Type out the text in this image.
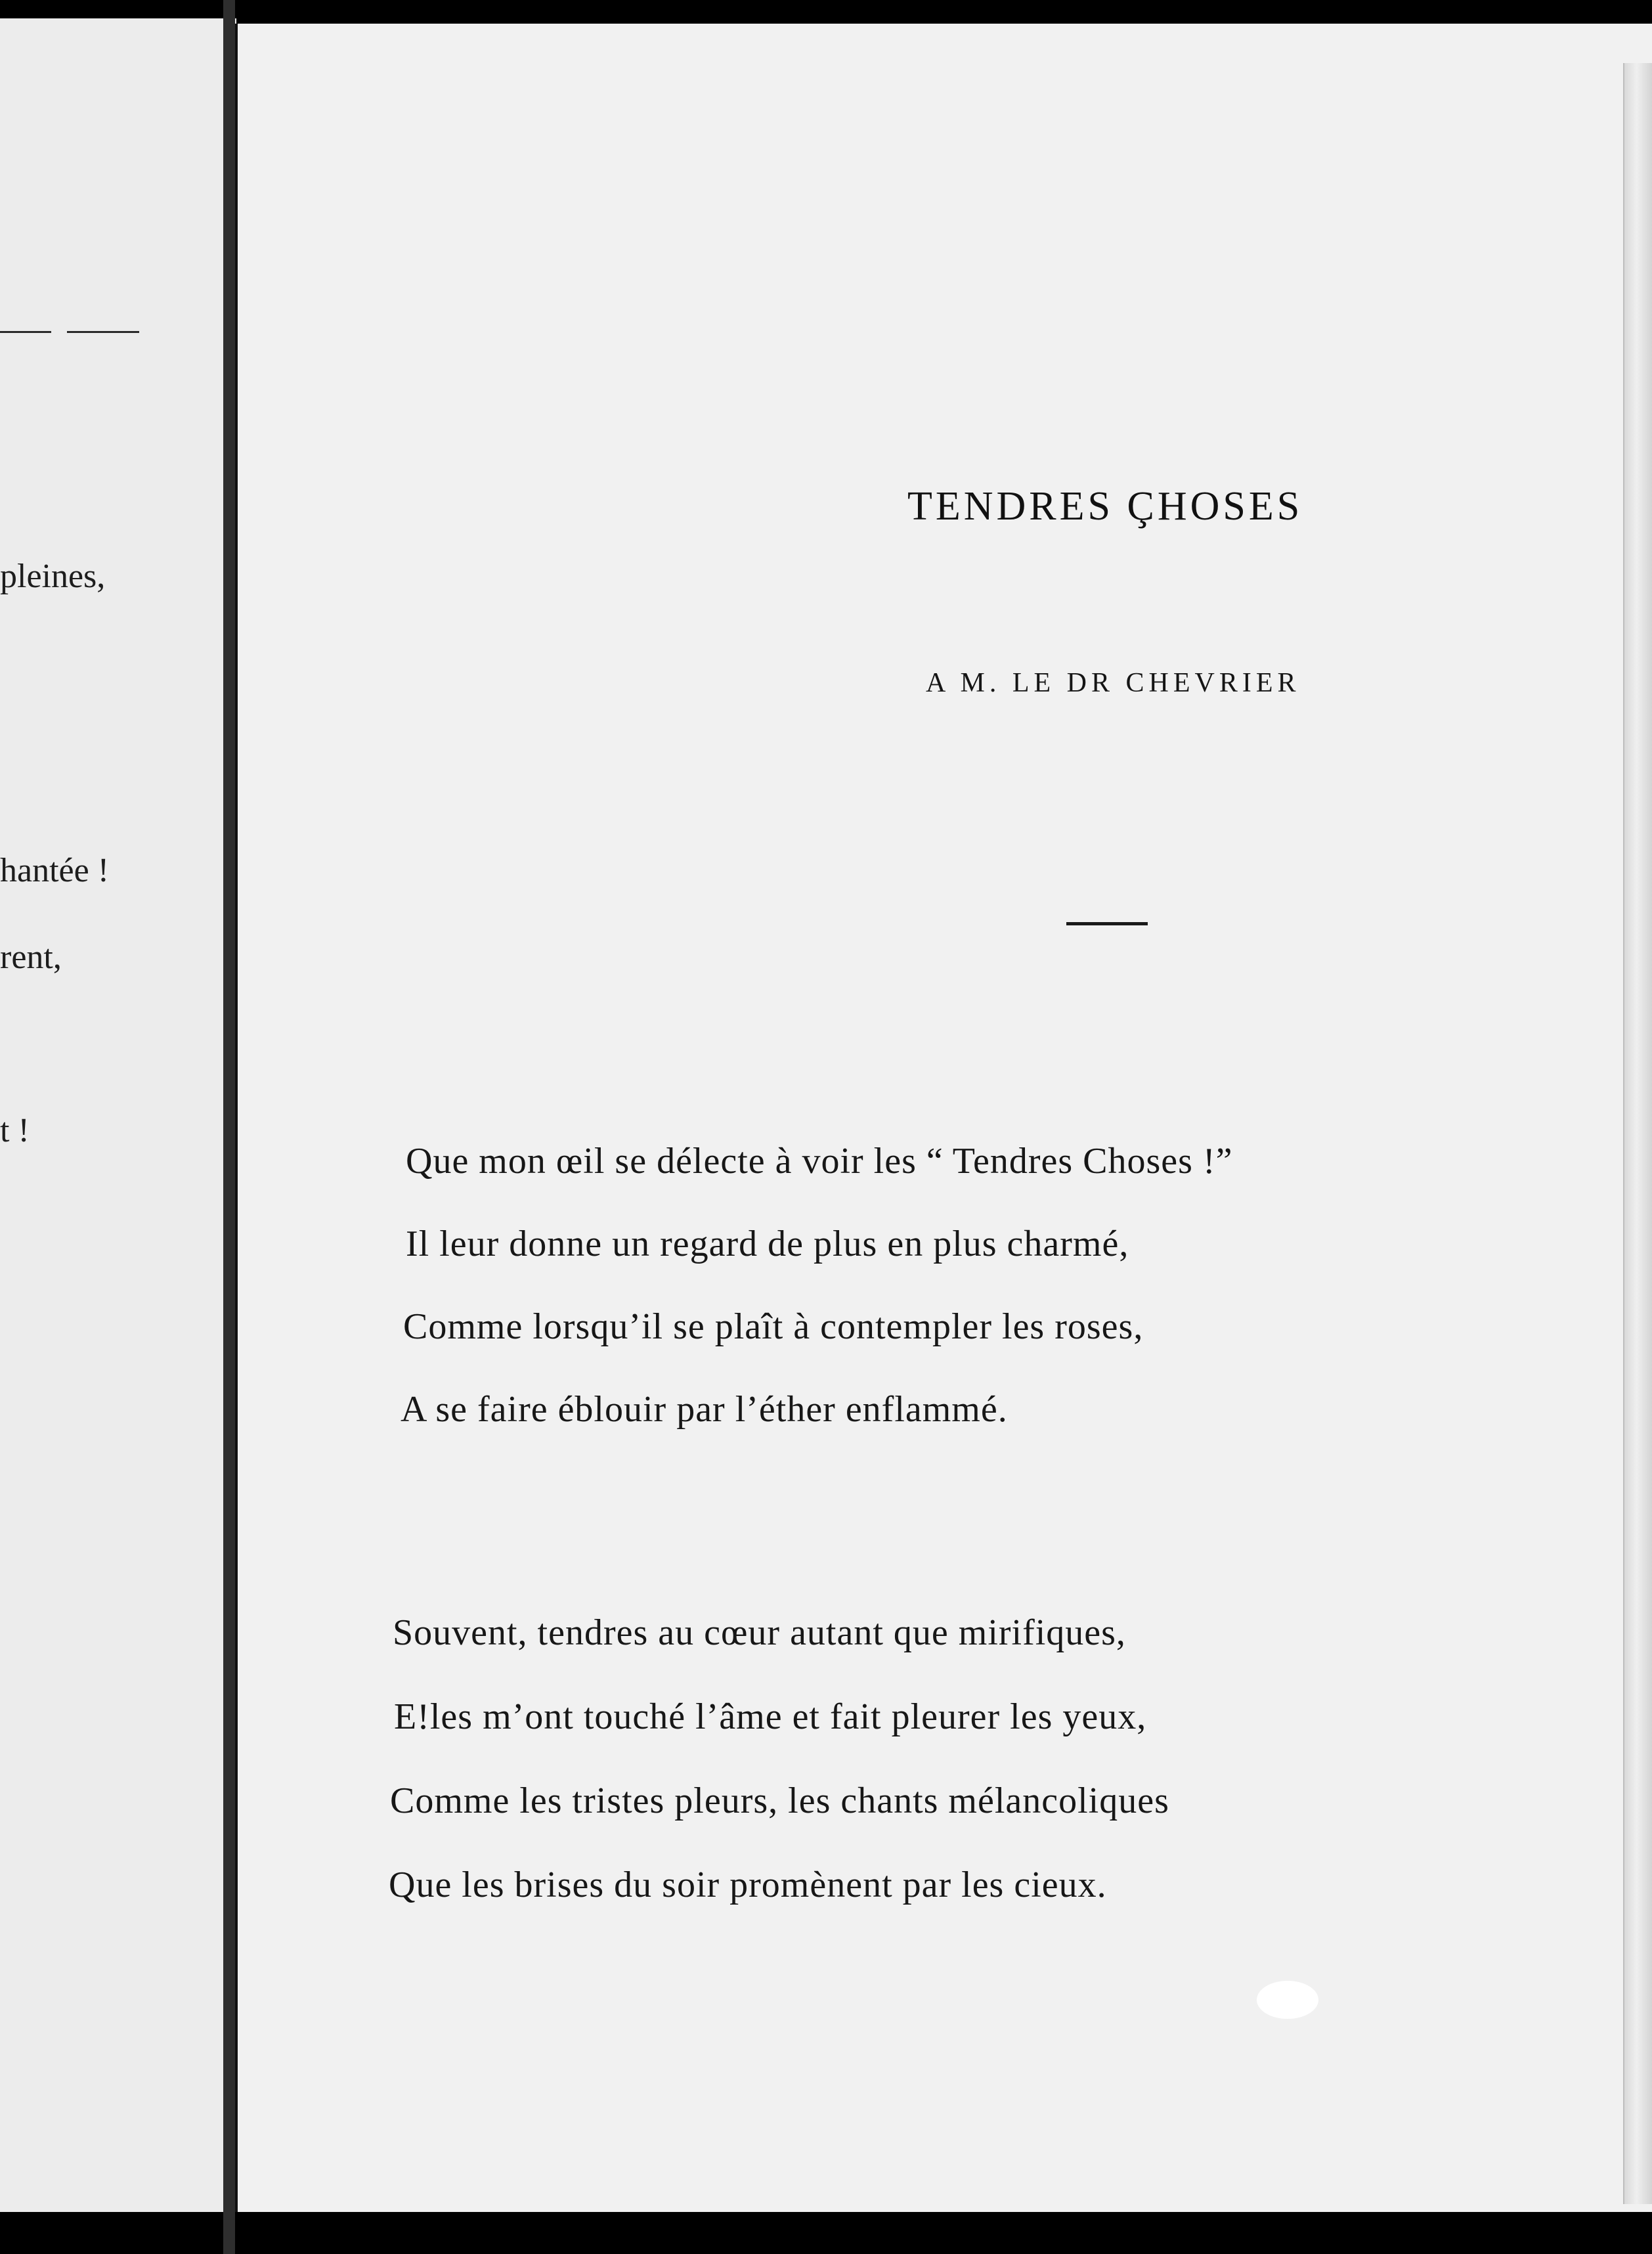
pleines,
hantée !
rent,
t !
TENDRES ÇHOSES
A M. LE DR CHEVRIER
Que mon œil se délecte à voir les “ Tendres Choses !”
Il leur donne un regard de plus en plus charmé,
Comme lorsqu’il se plaît à contempler les roses,
A se faire éblouir par l’éther enflammé.
Souvent, tendres au cœur autant que mirifiques,
E!les m’ont touché l’âme et fait pleurer les yeux,
Comme les tristes pleurs, les chants mélancoliques
Que les brises du soir promènent par les cieux.
